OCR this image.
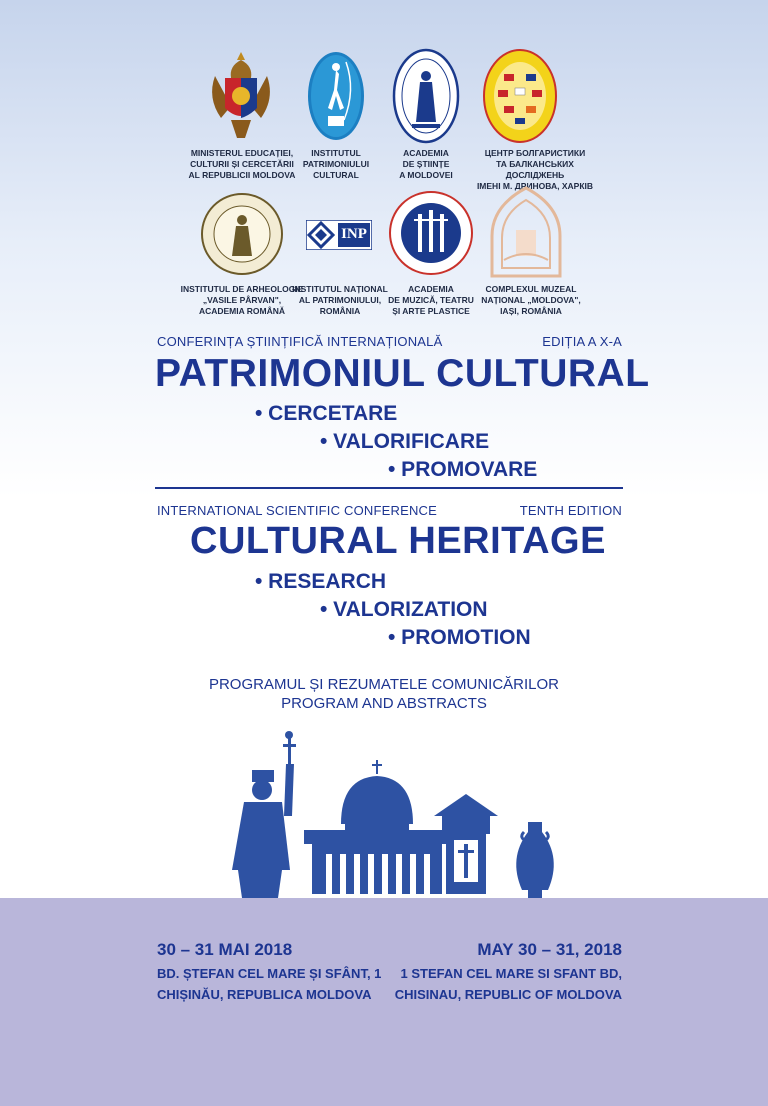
MINISTERUL EDUCAȚIEI,
CULTURII ȘI CERCETĂRII
AL REPUBLICII MOLDOVA
INSTITUTUL
PATRIMONIULUI
CULTURAL
ACADEMIA
DE ȘTIINȚE
A MOLDOVEI
ЦЕНТР БОЛГАРИСТИКИ
ТА БАЛКАНСЬКИХ ДОСЛІДЖЕНЬ
ІМЕНІ М. ДРИНОВА, ХАРКІВ
INSTITUTUL DE ARHEOLOGIE
„VASILE PÂRVAN",
ACADEMIA ROMÂNĂ
INP
INSTITUTUL NAȚIONAL
AL PATRIMONIULUI,
ROMÂNIA
ACADEMIA
DE MUZICĂ, TEATRU
ȘI ARTE PLASTICE
COMPLEXUL MUZEAL
NAȚIONAL „MOLDOVA",
IAȘI, ROMÂNIA
CONFERINȚA ȘTIINȚIFICĂ INTERNAȚIONALĂ	EDIȚIA A X-A
PATRIMONIUL CULTURAL
• CERCETARE
• VALORIFICARE
• PROMOVARE
INTERNATIONAL SCIENTIFIC CONFERENCE	TENTH EDITION
CULTURAL HERITAGE
• RESEARCH
• VALORIZATION
• PROMOTION
PROGRAMUL ȘI REZUMATELE COMUNICĂRILOR
PROGRAM AND ABSTRACTS
30 – 31 MAI 2018
BD. ȘTEFAN CEL MARE ȘI SFÂNT, 1
CHIȘINĂU, REPUBLICA MOLDOVA
MAY 30 – 31, 2018
1 STEFAN CEL MARE SI SFANT BD,
CHISINAU, REPUBLIC OF MOLDOVA
